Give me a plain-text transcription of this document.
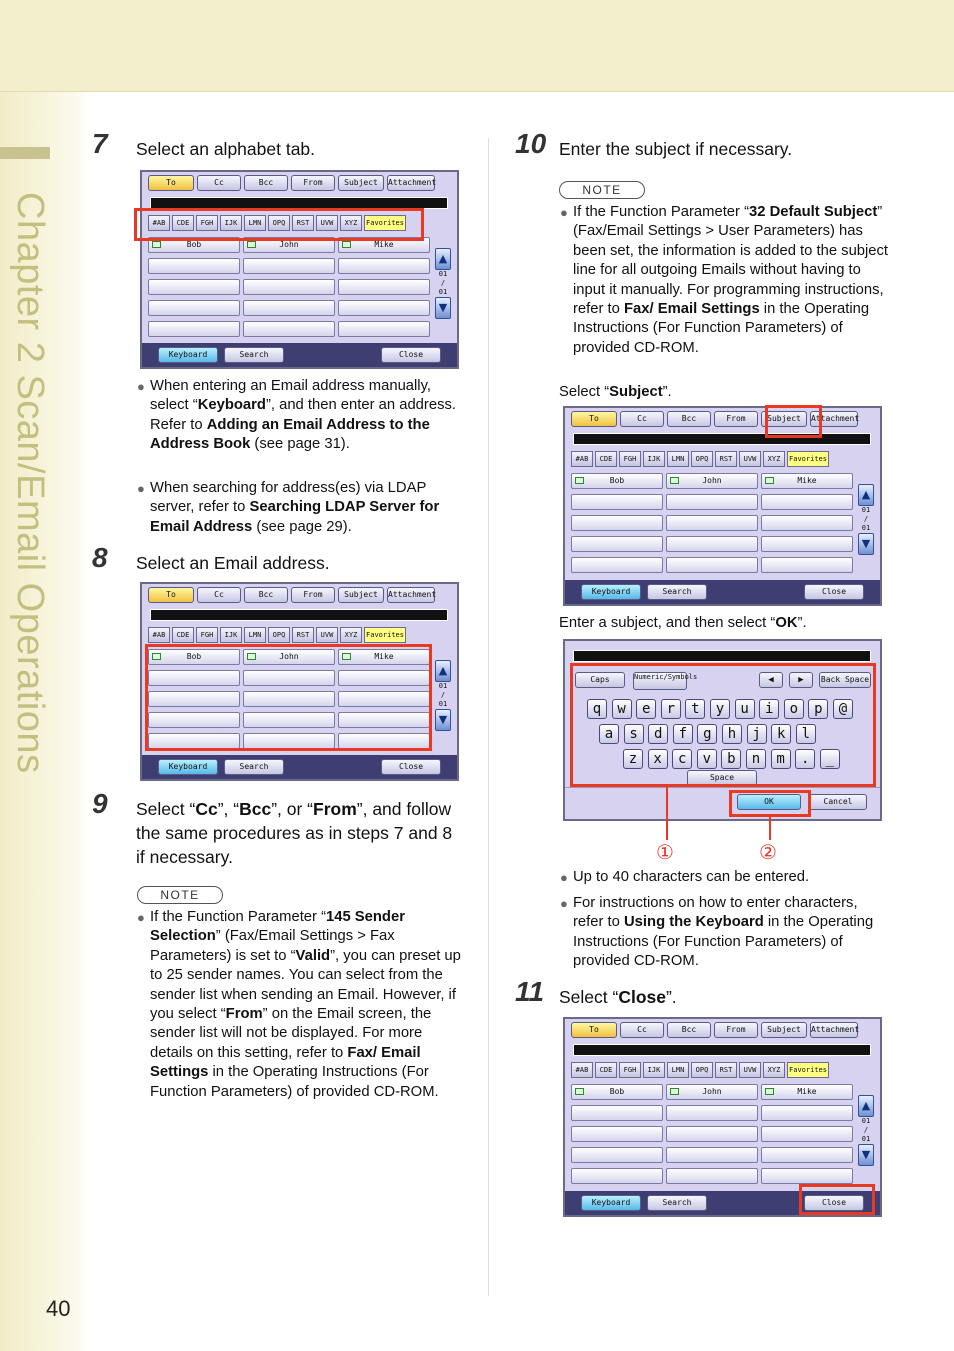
Chapter 2 Scan/Email Operations
40
7 Select an alphabet tab.
To	Cc	Bcc	From	Subject	Attachment
#AB	CDE	FGH	IJK	LMN	OPQ	RST	UVW	XYZ	Favorites
Bob	John	Mike
▲
01
/
01
▼
Keyboard	Search	Close
● When entering an Email address manually, select “Keyboard”, and then enter an address. Refer to Adding an Email Address to the Address Book (see page 31).
● When searching for address(es) via LDAP server, refer to Searching LDAP Server for Email Address (see page 29).
8 Select an Email address.
To	Cc	Bcc	From	Subject	Attachment
#AB	CDE	FGH	IJK	LMN	OPQ	RST	UVW	XYZ	Favorites
Bob	John	Mike
▲
01
/
01
▼
Keyboard	Search	Close
9 Select “Cc”, “Bcc”, or “From”, and follow the same procedures as in steps 7 and 8 if necessary.
NOTE
● If the Function Parameter “145 Sender Selection” (Fax/Email Settings > Fax Parameters) is set to “Valid”, you can preset up to 25 sender names. You can select from the sender list when sending an Email. However, if you select “From” on the Email screen, the sender list will not be displayed. For more details on this setting, refer to Fax/ Email Settings in the Operating Instructions (For Function Parameters) of provided CD-ROM.
10 Enter the subject if necessary.
NOTE
● If the Function Parameter “32 Default Subject” (Fax/Email Settings > User Parameters) has been set, the information is added to the subject line for all outgoing Emails without having to input it manually. For programming instructions, refer to Fax/ Email Settings in the Operating Instructions (For Function Parameters) of provided CD-ROM.
Select “Subject”.
To	Cc	Bcc	From	Subject	Attachment
#AB	CDE	FGH	IJK	LMN	OPQ	RST	UVW	XYZ	Favorites
Bob	John	Mike
▲
01
/
01
▼
Keyboard	Search	Close
Enter a subject, and then select “OK”.
Caps	Numeric/Symbols	◀	▶	Back Space
q	w	e	r	t	y	u	i	o	p	@
a	s	d	f	g	h	j	k	l
z	x	c	v	b	n	m	.	_
Space
OK	Cancel
①	②
● Up to 40 characters can be entered.
● For instructions on how to enter characters, refer to Using the Keyboard in the Operating Instructions (For Function Parameters) of provided CD-ROM.
11 Select “Close”.
To	Cc	Bcc	From	Subject	Attachment
#AB	CDE	FGH	IJK	LMN	OPQ	RST	UVW	XYZ	Favorites
Bob	John	Mike
▲
01
/
01
▼
Keyboard	Search	Close
